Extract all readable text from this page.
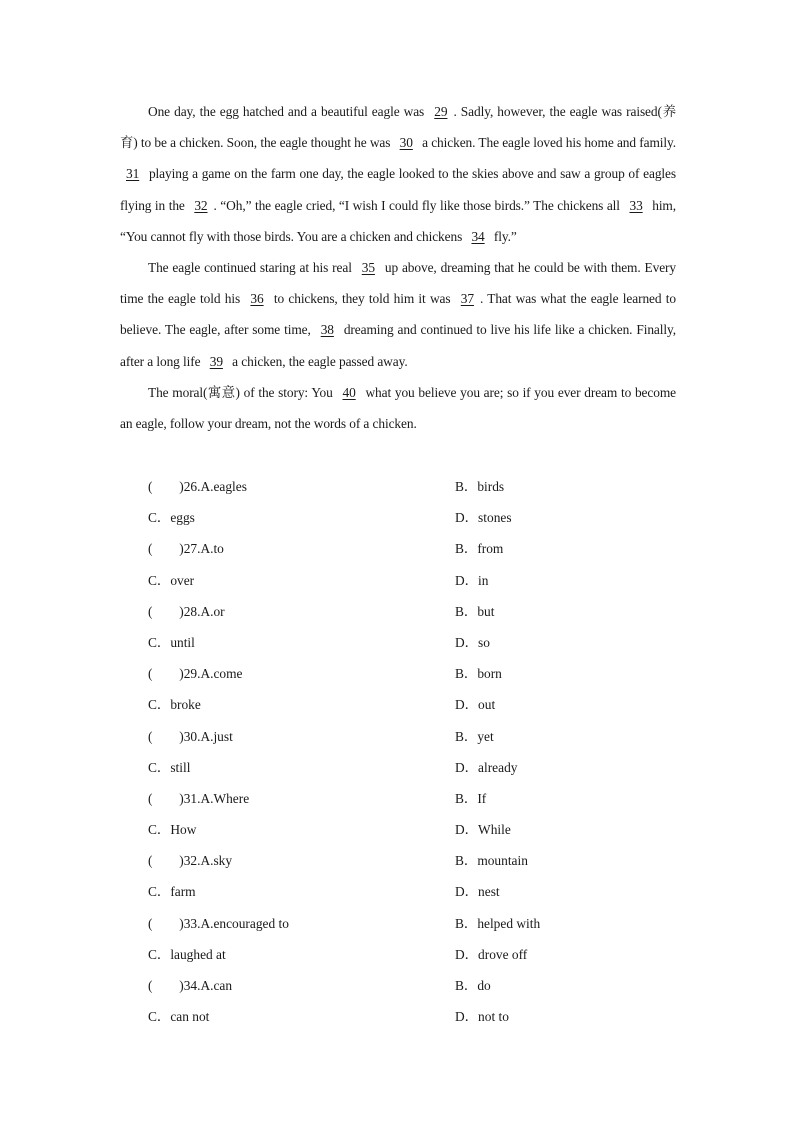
One day, the egg hatched and a beautiful eagle was 29 . Sadly, however, the eagle was raised(养育) to be a chicken. Soon, the eagle thought he was 30 a chicken. The eagle loved his home and family. 31 playing a game on the farm one day, the eagle looked to the skies above and saw a group of eagles flying in the 32 . “Oh,” the eagle cried, “I wish I could fly like those birds.” The chickens all 33 him, “You cannot fly with those birds. You are a chicken and chickens 34 fly.”

The eagle continued staring at his real 35 up above, dreaming that he could be with them. Every time the eagle told his 36 to chickens, they told him it was 37 . That was what the eagle learned to believe. The eagle, after some time, 38 dreaming and continued to live his life like a chicken. Finally, after a long life 39 a chicken, the eagle passed away.

The moral(寓意) of the story: You 40 what you believe you are; so if you ever dream to become an eagle, follow your dream, not the words of a chicken.

(　　)26.A.eagles	B．birds
C．eggs	D．stones
(　　)27.A.to	B．from
C．over	D．in
(　　)28.A.or	B．but
C．until	D．so
(　　)29.A.come	B．born
C．broke	D．out
(　　)30.A.just	B．yet
C．still	D．already
(　　)31.A.Where	B．If
C．How	D．While
(　　)32.A.sky	B．mountain
C．farm	D．nest
(　　)33.A.encouraged to	B．helped with
C．laughed at	D．drove off
(　　)34.A.can	B．do
C．can not	D．not to
